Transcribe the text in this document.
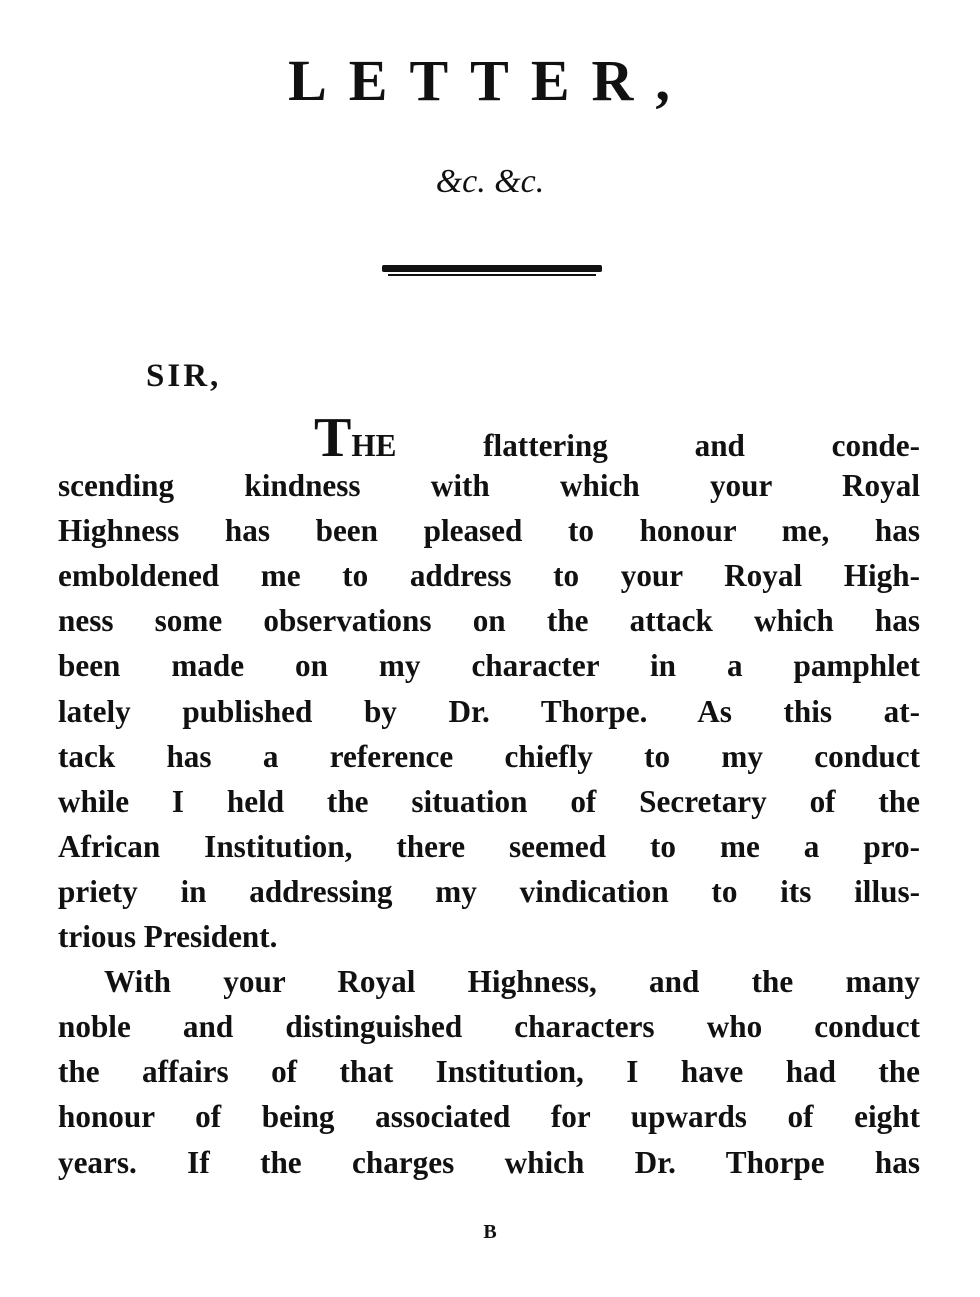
LETTER,
&c. &c.
SIR,
THE flattering and conde-
scending kindness with which your Royal
Highness has been pleased to honour me, has
emboldened me to address to your Royal High-
ness some observations on the attack which has
been made on my character in a pamphlet
lately published by Dr. Thorpe. As this at-
tack has a reference chiefly to my conduct
while I held the situation of Secretary of the
African Institution, there seemed to me a pro-
priety in addressing my vindication to its illus-
trious President.
With your Royal Highness, and the many
noble and distinguished characters who conduct
the affairs of that Institution, I have had the
honour of being associated for upwards of eight
years. If the charges which Dr. Thorpe has
B
